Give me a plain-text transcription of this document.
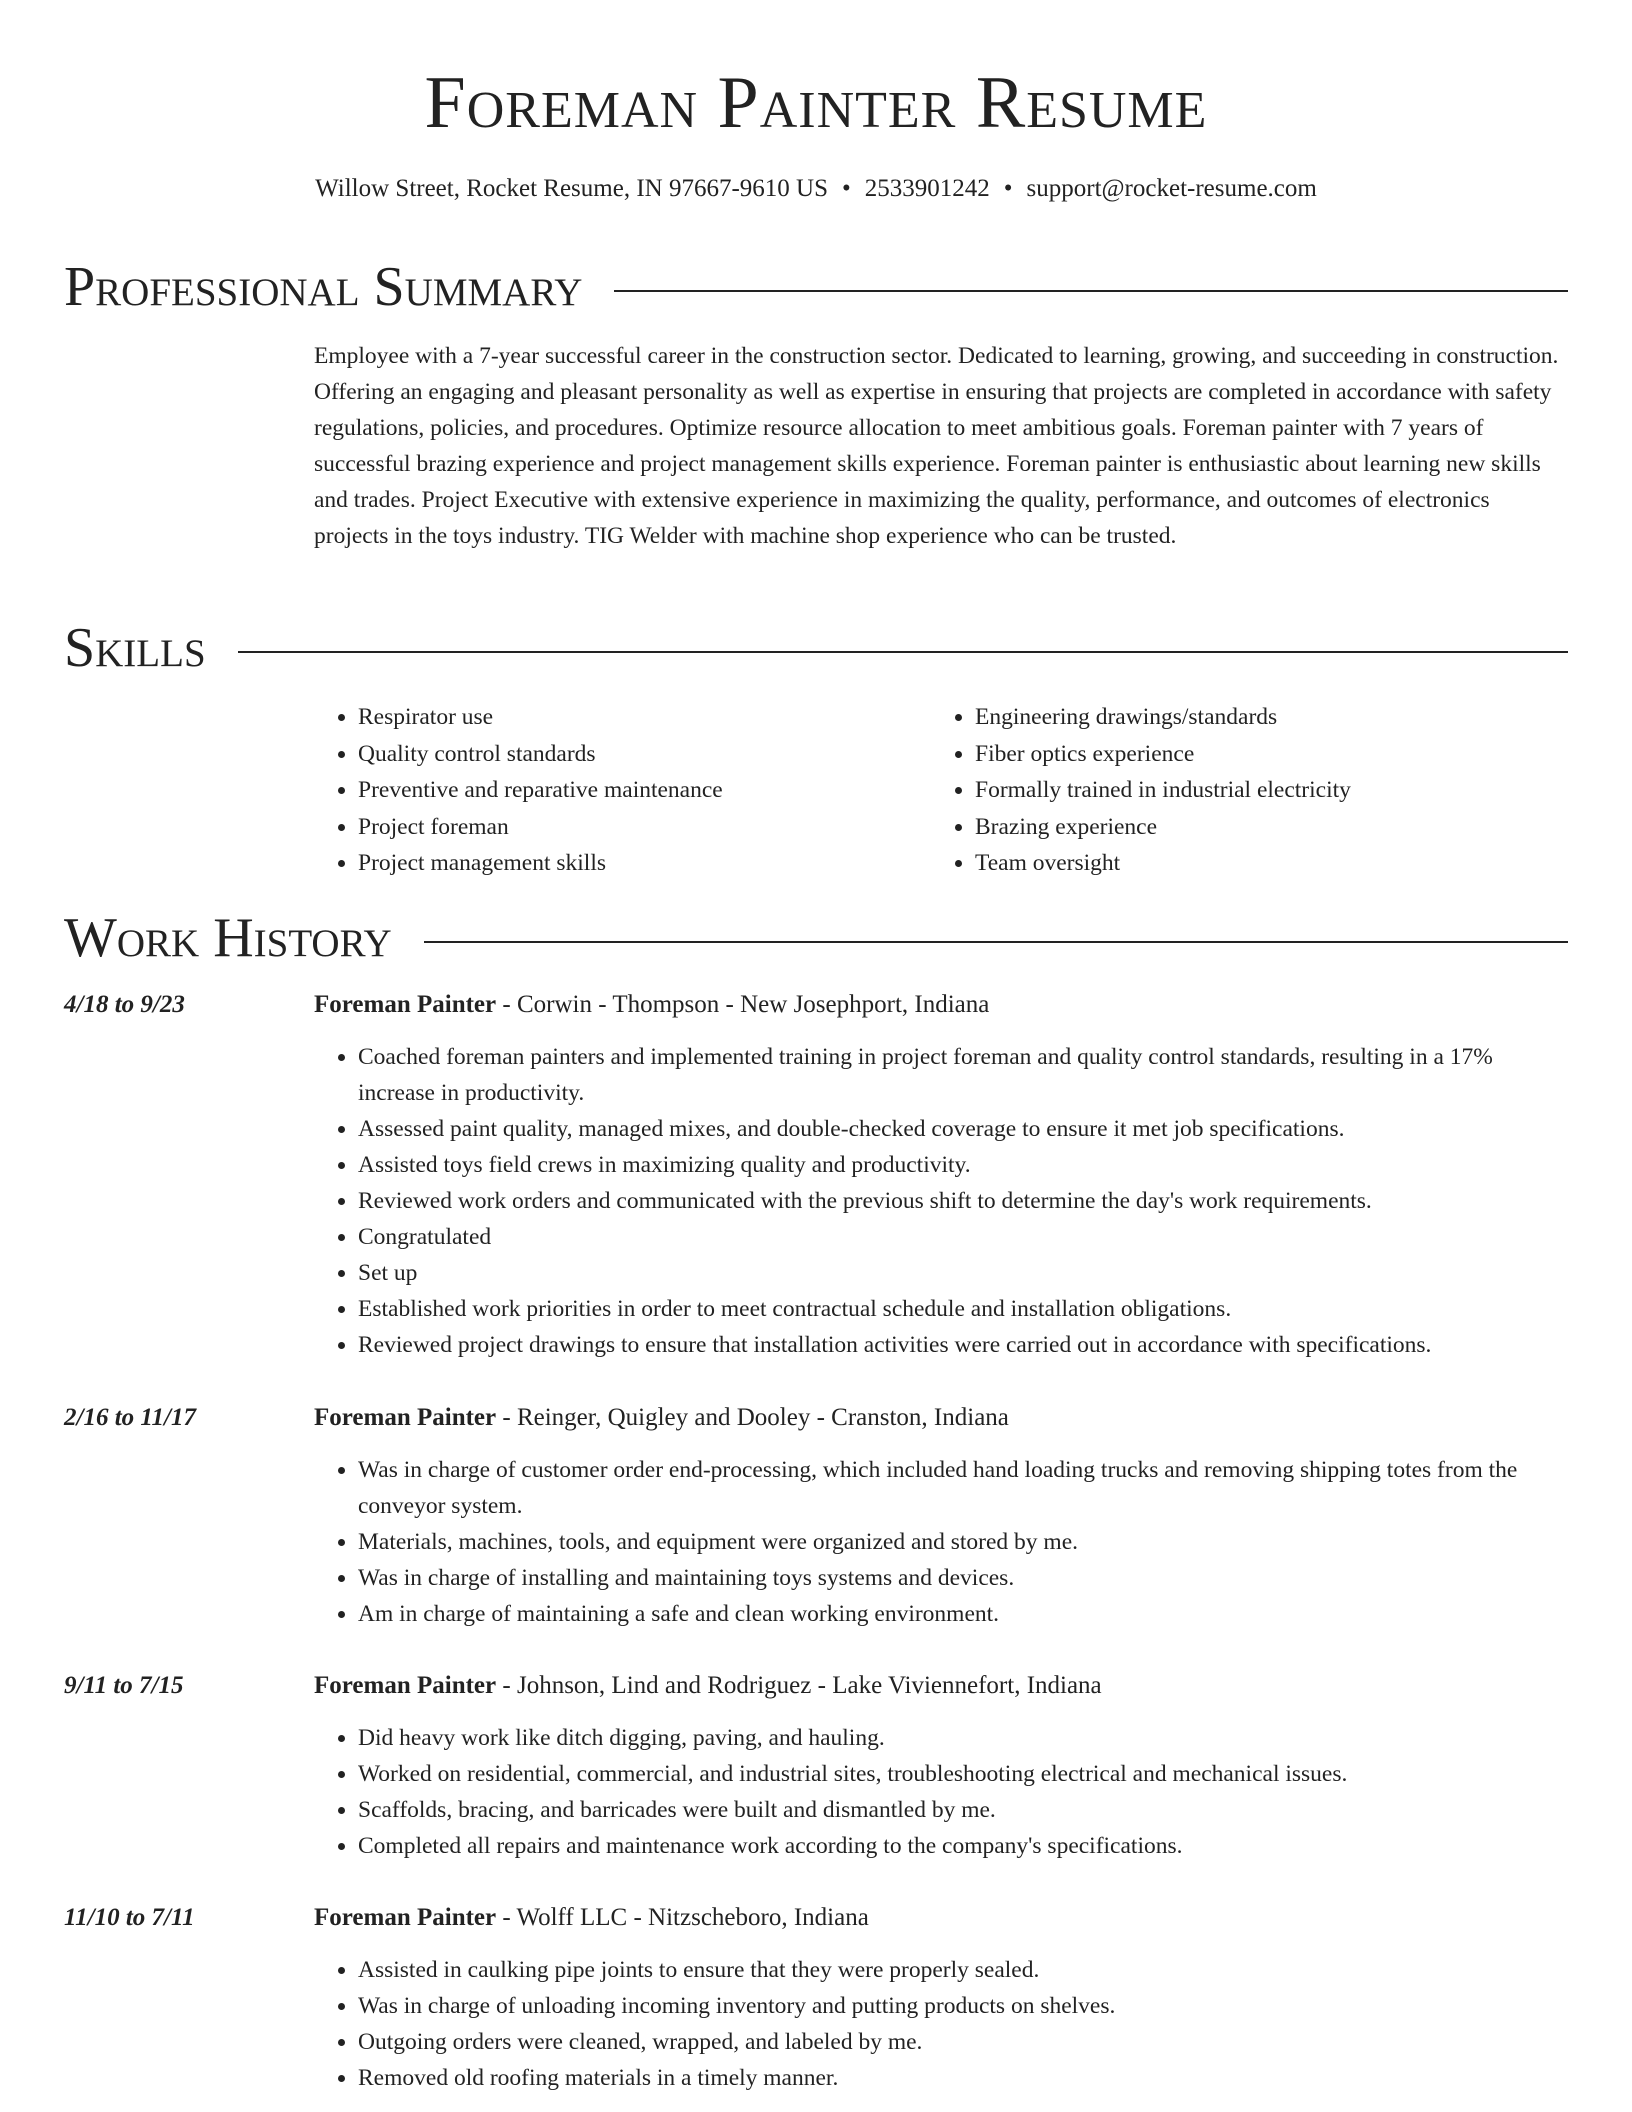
Foreman Painter Resume
Willow Street, Rocket Resume, IN 97667-9610 US • 2533901242 • support@rocket-resume.com
Professional Summary

Employee with a 7-year successful career in the construction sector. Dedicated to learning, growing, and succeeding in construction. Offering an engaging and pleasant personality as well as expertise in ensuring that projects are completed in accordance with safety regulations, policies, and procedures. Optimize resource allocation to meet ambitious goals. Foreman painter with 7 years of successful brazing experience and project management skills experience. Foreman painter is enthusiastic about learning new skills and trades. Project Executive with extensive experience in maximizing the quality, performance, and outcomes of electronics projects in the toys industry. TIG Welder with machine shop experience who can be trusted.

Skills
• Respirator use
• Quality control standards
• Preventive and reparative maintenance
• Project foreman
• Project management skills
• Engineering drawings/standards
• Fiber optics experience
• Formally trained in industrial electricity
• Brazing experience
• Team oversight
Work History
4/18 to 9/23	Foreman Painter - Corwin - Thompson - New Josephport, Indiana
• Coached foreman painters and implemented training in project foreman and quality control standards, resulting in a 17% increase in productivity.
• Assessed paint quality, managed mixes, and double-checked coverage to ensure it met job specifications.
• Assisted toys field crews in maximizing quality and productivity.
• Reviewed work orders and communicated with the previous shift to determine the day's work requirements.
• Congratulated
• Set up
• Established work priorities in order to meet contractual schedule and installation obligations.
• Reviewed project drawings to ensure that installation activities were carried out in accordance with specifications.
2/16 to 11/17	Foreman Painter - Reinger, Quigley and Dooley - Cranston, Indiana
• Was in charge of customer order end-processing, which included hand loading trucks and removing shipping totes from the conveyor system.
• Materials, machines, tools, and equipment were organized and stored by me.
• Was in charge of installing and maintaining toys systems and devices.
• Am in charge of maintaining a safe and clean working environment.
9/11 to 7/15	Foreman Painter - Johnson, Lind and Rodriguez - Lake Viviennefort, Indiana
• Did heavy work like ditch digging, paving, and hauling.
• Worked on residential, commercial, and industrial sites, troubleshooting electrical and mechanical issues.
• Scaffolds, bracing, and barricades were built and dismantled by me.
• Completed all repairs and maintenance work according to the company's specifications.
11/10 to 7/11	Foreman Painter - Wolff LLC - Nitzscheboro, Indiana
• Assisted in caulking pipe joints to ensure that they were properly sealed.
• Was in charge of unloading incoming inventory and putting products on shelves.
• Outgoing orders were cleaned, wrapped, and labeled by me.
• Removed old roofing materials in a timely manner.
